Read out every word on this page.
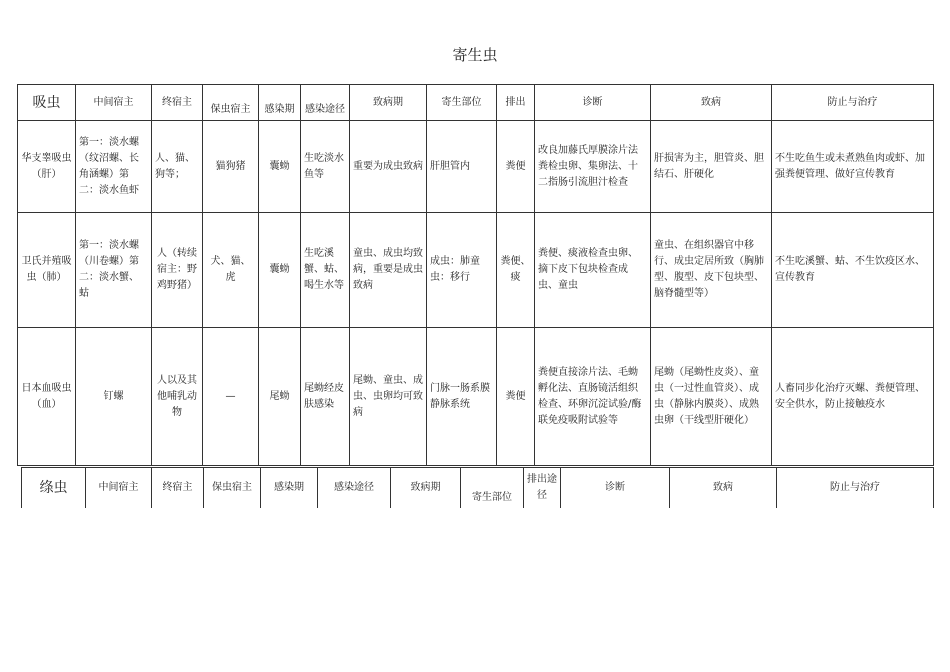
寄生虫
吸虫	中间宿主	终宿主	保虫宿主	感染期	感染途径	致病期	寄生部位	排出	诊断	致病	防止与治疗
华支睾吸虫（肝）	第一：淡水螺（纹沼螺、长角涵螺）第二：淡水鱼虾	人、猫、狗等；	猫狗猪	囊蚴	生吃淡水鱼等	重要为成虫致病	肝胆管内	粪便	改良加藤氏厚膜涂片法粪检虫卵、集卵法、十二指肠引流胆汁检查	肝损害为主，胆管炎、胆结石、肝硬化	不生吃鱼生或未煮熟鱼肉或虾、加强粪便管理、做好宣传教育
卫氏并殖吸虫（肺）	第一：淡水螺（川卷螺）第二：淡水蟹、蛄	人（转续宿主：野鸡野猪）	犬、猫、虎	囊蚴	生吃溪蟹、蛄、喝生水等	童虫、成虫均致病，重要是成虫致病	成虫：肺童虫：移行	粪便、痰	粪便、痰液检查虫卵、摘下皮下包块检查成虫、童虫	童虫、在组织器官中移行、成虫定居所致（胸肺型、腹型、皮下包块型、脑脊髓型等）	不生吃溪蟹、蛄、不生饮疫区水、宣传教育
日本血吸虫（血）	钉螺	人以及其他哺乳动物	—	尾蚴	尾蚴经皮肤感染	尾蚴、童虫、成虫、虫卵均可致病	门脉一肠系膜静脉系统	粪便	粪便直接涂片法、毛蚴孵化法、直肠镜活组织检查、环卵沉淀试验/酶联免疫吸附试验等	尾蚴（尾蚴性皮炎）、童虫（一过性血管炎）、成虫（静脉内膜炎）、成熟虫卵（干线型肝硬化）	人畜同步化治疗灭螺、粪便管理、安全供水，防止接触疫水
绦虫	中间宿主	终宿主	保虫宿主	感染期	感染途径	致病期	寄生部位	排出途径	诊断	致病	防止与治疗
